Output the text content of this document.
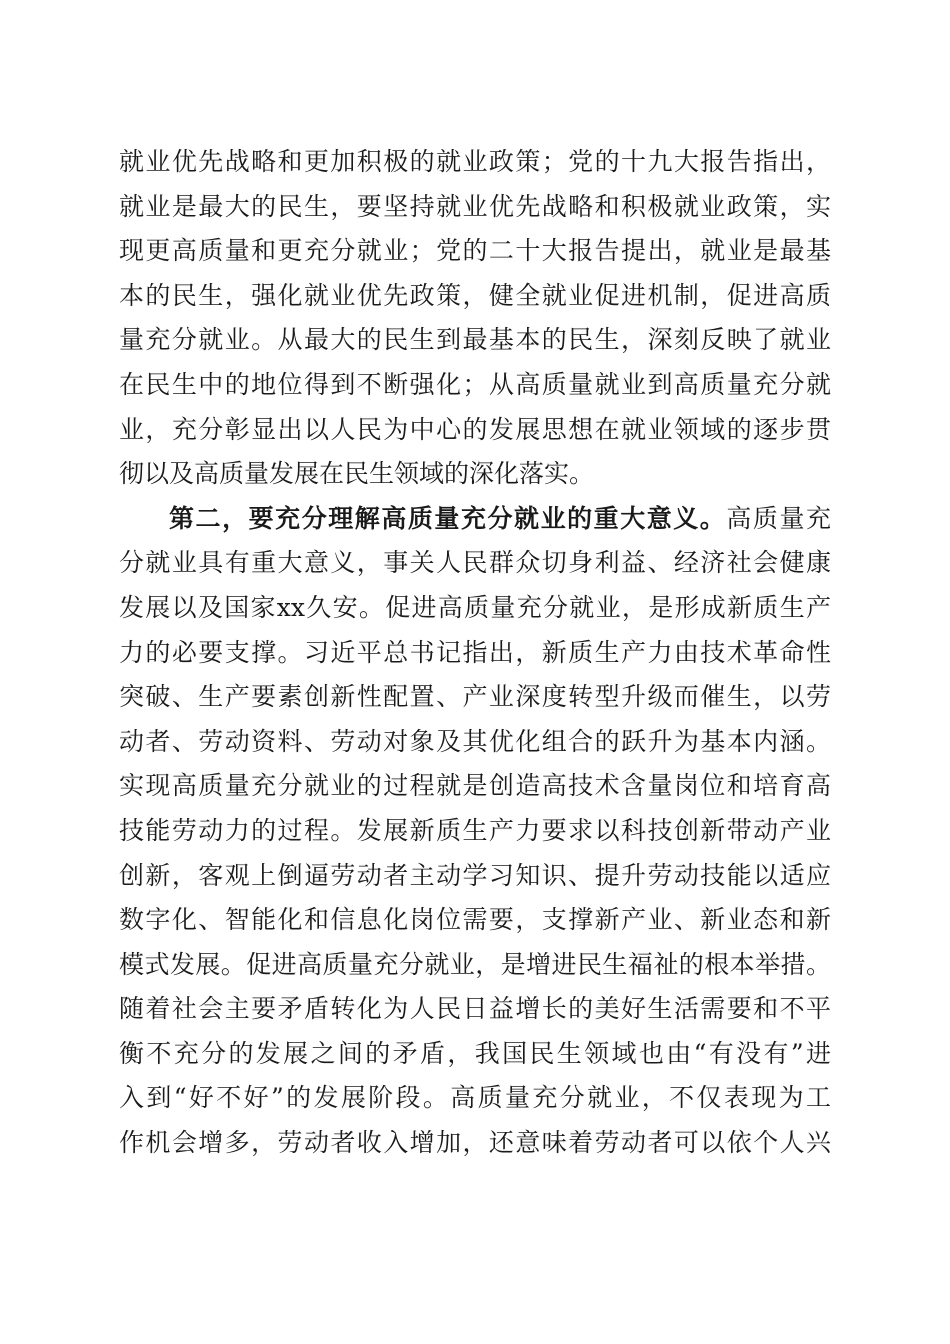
就业优先战略和更加积极的就业政策；党的十九大报告指出，
就业是最大的民生，要坚持就业优先战略和积极就业政策，实
现更高质量和更充分就业；党的二十大报告提出，就业是最基
本的民生，强化就业优先政策，健全就业促进机制，促进高质
量充分就业。从最大的民生到最基本的民生，深刻反映了就业
在民生中的地位得到不断强化；从高质量就业到高质量充分就
业，充分彰显出以人民为中心的发展思想在就业领域的逐步贯
彻以及高质量发展在民生领域的深化落实。
第二，要充分理解高质量充分就业的重大意义。高质量充
分就业具有重大意义，事关人民群众切身利益、经济社会健康
发展以及国家xx久安。促进高质量充分就业，是形成新质生产
力的必要支撑。习近平总书记指出，新质生产力由技术革命性
突破、生产要素创新性配置、产业深度转型升级而催生，以劳
动者、劳动资料、劳动对象及其优化组合的跃升为基本内涵。
实现高质量充分就业的过程就是创造高技术含量岗位和培育高
技能劳动力的过程。发展新质生产力要求以科技创新带动产业
创新，客观上倒逼劳动者主动学习知识、提升劳动技能以适应
数字化、智能化和信息化岗位需要，支撑新产业、新业态和新
模式发展。促进高质量充分就业，是增进民生福祉的根本举措。
随着社会主要矛盾转化为人民日益增长的美好生活需要和不平
衡不充分的发展之间的矛盾，我国民生领域也由“有没有”进
入到“好不好”的发展阶段。高质量充分就业，不仅表现为工
作机会增多，劳动者收入增加，还意味着劳动者可以依个人兴
